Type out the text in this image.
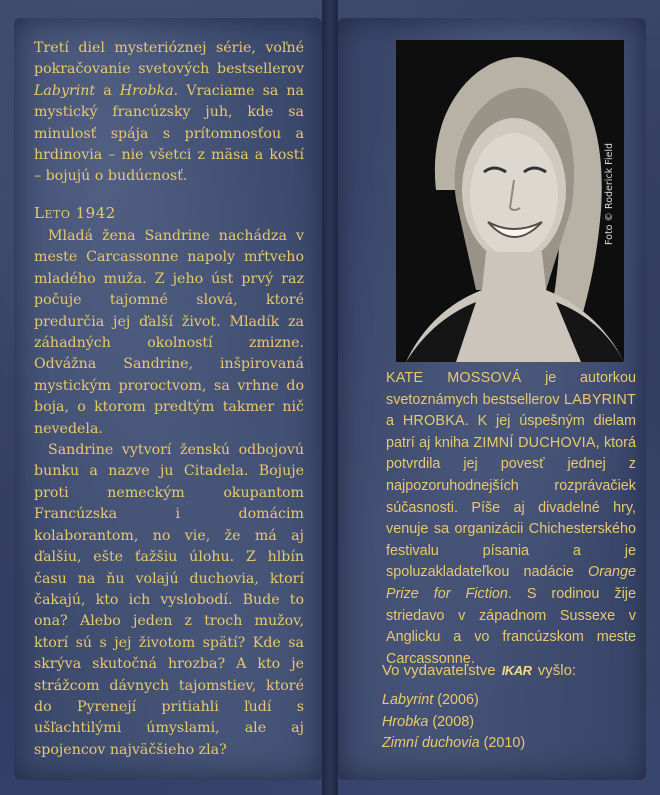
Tretí diel mysterióznej série, voľné pokračovanie svetových bestsellerov Labyrint a Hrobka. Vraciame sa na mystický francúzsky juh, kde sa minulosť spája s prítomnosťou a hrdinovia – nie všetci z mäsa a kostí – bojujú o budúcnosť.

Leto 1942

Mladá žena Sandrine nachádza v meste Carcassonne napoly mŕtveho mladého muža. Z jeho úst prvý raz počuje tajomné slová, ktoré predurčia jej ďalší život. Mladík za záhadných okolností zmizne. Odvážna Sandrine, inšpirovaná mystickým proroctvom, sa vrhne do boja, o ktorom predtým takmer nič nevedela.

Sandrine vytvorí ženskú odbojovú bunku a nazve ju Citadela. Bojuje proti nemeckým okupantom Francúzska i domácim kolaborantom, no vie, že má aj ďalšiu, ešte ťažšiu úlohu. Z hlbín času na ňu volajú duchovia, ktorí čakajú, kto ich vyslobodí. Bude to ona? Alebo jeden z troch mužov, ktorí sú s jej životom spätí? Kde sa skrýva skutočná hrozba? A kto je strážcom dávnych tajomstiev, ktoré do Pyrenejí pritiahli ľudí s ušľachtilými úmyslami, ale aj spojencov najväčšieho zla?

Foto © Roderick Field
KATE MOSSOVÁ je autorkou svetoznámych bestsellerov LABYRINT a HROBKA. K jej úspešným dielam patrí aj kniha ZIMNÍ DUCHOVIA, ktorá potvrdila jej povesť jednej z najpozoruhodnejších rozprávačiek súčasnosti. Píše aj divadelné hry, venuje sa organizácii Chichesterského festivalu písania a je spoluzakladateľkou nadácie Orange Prize for Fiction. S rodinou žije striedavo v západnom Sussexe v Anglicku a vo francúzskom meste Carcassonne.
Vo vydavateľstve IKAR vyšlo:
Labyrint (2006)
Hrobka (2008)
Zimní duchovia (2010)
